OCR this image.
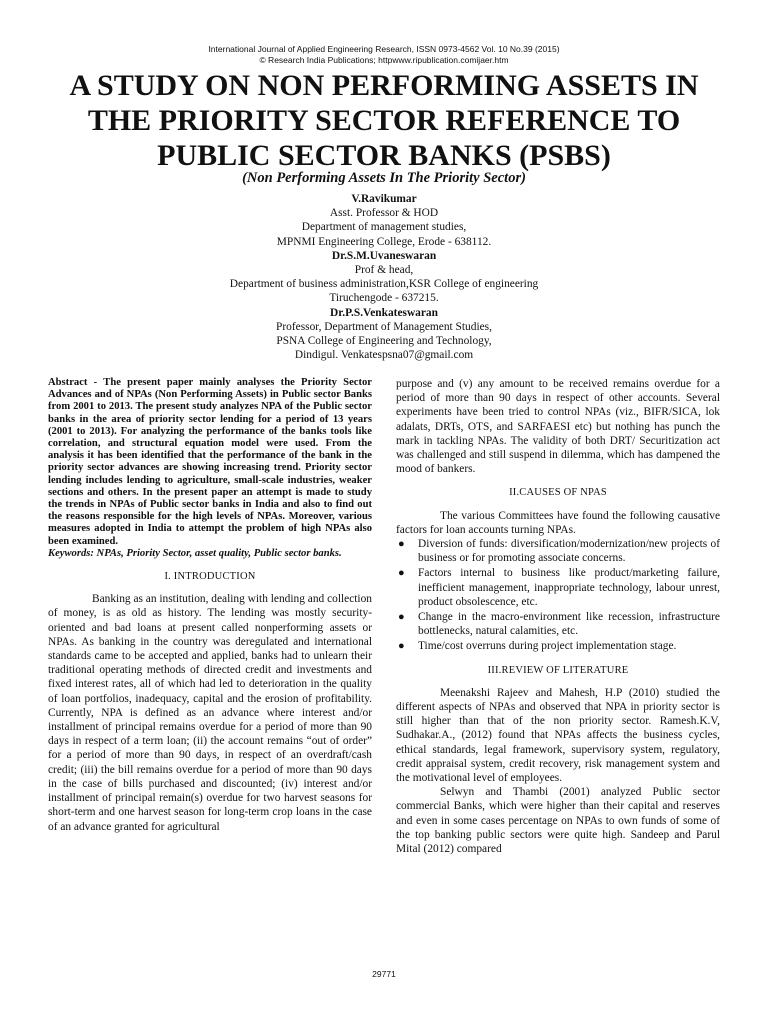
International Journal of Applied Engineering Research, ISSN 0973-4562 Vol. 10 No.39 (2015)
© Research India Publications; httpwww.ripublication.comijaer.htm
A STUDY ON NON PERFORMING ASSETS IN THE PRIORITY SECTOR REFERENCE TO PUBLIC SECTOR BANKS (PSBS)
(Non Performing Assets In The Priority Sector)
V.Ravikumar
Asst. Professor & HOD
Department of management studies,
MPNMI Engineering College, Erode - 638112.
Dr.S.M.Uvaneswaran
Prof & head,
Department of business administration,KSR College of engineering
Tiruchengode - 637215.
Dr.P.S.Venkateswaran
Professor, Department of Management Studies,
PSNA College of Engineering and Technology,
Dindigul. Venkatespsna07@gmail.com

Abstract - The present paper mainly analyses the Priority Sector Advances and of NPAs (Non Performing Assets) in Public sector Banks from 2001 to 2013. The present study analyzes NPA of the Public sector banks in the area of priority sector lending for a period of 13 years (2001 to 2013). For analyzing the performance of the banks tools like correlation, and structural equation model were used. From the analysis it has been identified that the performance of the bank in the priority sector advances are showing increasing trend. Priority sector lending includes lending to agriculture, small-scale industries, weaker sections and others. In the present paper an attempt is made to study the trends in NPAs of Public sector banks in India and also to find out the reasons responsible for the high levels of NPAs. Moreover, various measures adopted in India to attempt the problem of high NPAs also been examined.

Keywords: NPAs, Priority Sector, asset quality, Public sector banks.

I. INTRODUCTION

Banking as an institution, dealing with lending and collection of money, is as old as history. The lending was mostly security- oriented and bad loans at present called nonperforming assets or NPAs. As banking in the country was deregulated and international standards came to be accepted and applied, banks had to unlearn their traditional operating methods of directed credit and investments and fixed interest rates, all of which had led to deterioration in the quality of loan portfolios, inadequacy, capital and the erosion of profitability. Currently, NPA is defined as an advance where interest and/or installment of principal remains overdue for a period of more than 90 days in respect of a term loan; (ii) the account remains “out of order” for a period of more than 90 days, in respect of an overdraft/cash credit; (iii) the bill remains overdue for a period of more than 90 days in the case of bills purchased and discounted; (iv) interest and/or installment of principal remain(s) overdue for two harvest seasons for short-term and one harvest season for long-term crop loans in the case of an advance granted for agricultural

purpose and (v) any amount to be received remains overdue for a period of more than 90 days in respect of other accounts. Several experiments have been tried to control NPAs (viz., BIFR/SICA, lok adalats, DRTs, OTS, and SARFAESI etc) but nothing has punch the mark in tackling NPAs. The validity of both DRT/ Securitization act was challenged and still suspend in dilemma, which has dampened the mood of bankers.

II.CAUSES OF NPAS

The various Committees have found the following causative factors for loan accounts turning NPAs.

● Diversion of funds: diversification/modernization/new projects of business or for promoting associate concerns.
● Factors internal to business like product/marketing failure, inefficient management, inappropriate technology, labour unrest, product obsolescence, etc.
● Change in the macro-environment like recession, infrastructure bottlenecks, natural calamities, etc.
● Time/cost overruns during project implementation stage.

III.REVIEW OF LITERATURE

Meenakshi Rajeev and Mahesh, H.P (2010) studied the different aspects of NPAs and observed that NPA in priority sector is still higher than that of the non priority sector. Ramesh.K.V, Sudhakar.A., (2012) found that NPAs affects the business cycles, ethical standards, legal framework, supervisory system, regulatory, credit appraisal system, credit recovery, risk management system and the motivational level of employees.

Selwyn and Thambi (2001) analyzed Public sector commercial Banks, which were higher than their capital and reserves and even in some cases percentage on NPAs to own funds of some of the top banking public sectors were quite high. Sandeep and Parul Mital (2012) compared

29771
